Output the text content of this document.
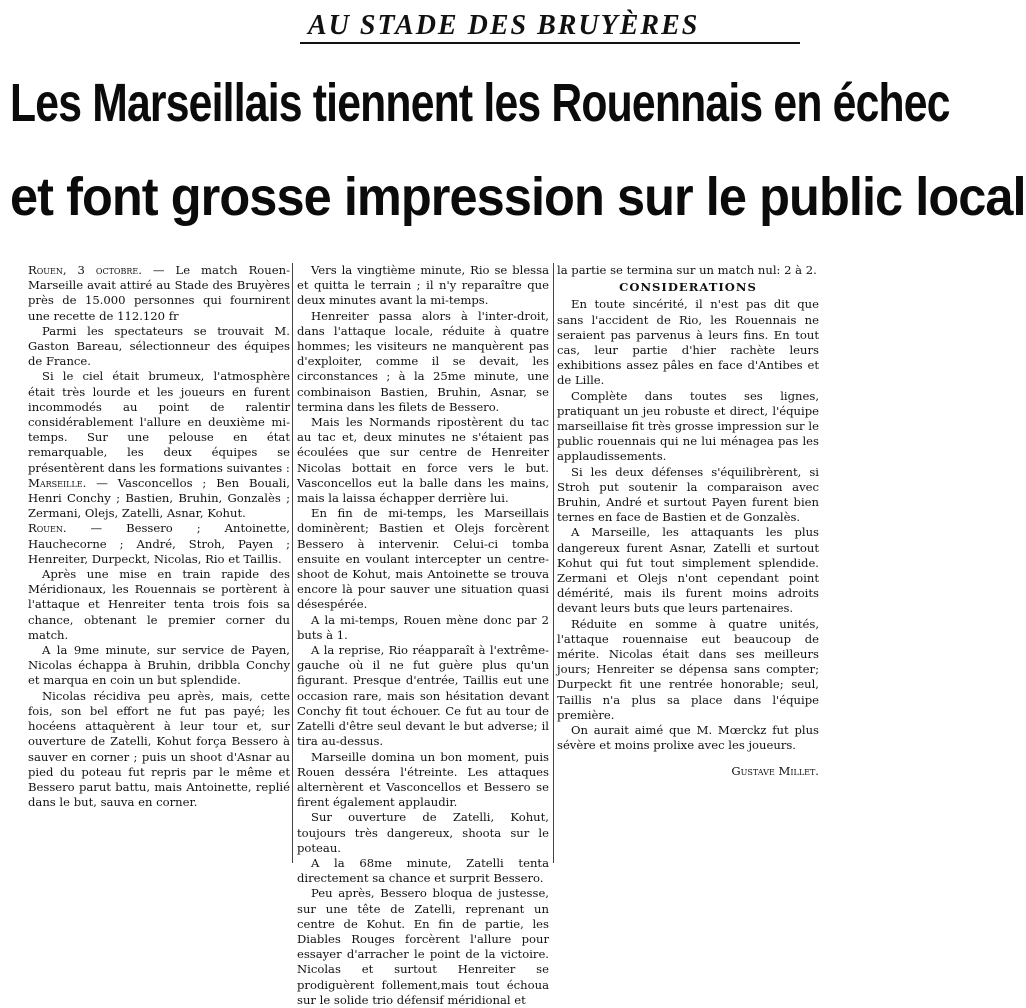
AU STADE DES BRUYÈRES
Les Marseillais tiennent les Rouennais en échec
et font grosse impression sur le public local

Rouen, 3 octobre. — Le match Rouen-Marseille avait attiré au Stade des Bruyères près de 15.000 personnes qui fournirent une recette de 112.120 fr

Parmi les spectateurs se trouvait M. Gaston Bareau, sélectionneur des équipes de France.

Si le ciel était brumeux, l'atmosphère était très lourde et les joueurs en furent incommodés au point de ralentir considérablement l'allure en deuxième mi-temps. Sur une pelouse en état remarquable, les deux équipes se présentèrent dans les formations suivantes :

Marseille. — Vasconcellos ; Ben Bouali, Henri Conchy ; Bastien, Bruhin, Gonzalès ; Zermani, Olejs, Zatelli, Asnar, Kohut.

Rouen. — Bessero ; Antoinette, Hauchecorne ; André, Stroh, Payen ; Henreiter, Durpeckt, Nicolas, Rio et Taillis.

Après une mise en train rapide des Méridionaux, les Rouennais se portèrent à l'attaque et Henreiter tenta trois fois sa chance, obtenant le premier corner du match.

A la 9me minute, sur service de Payen, Nicolas échappa à Bruhin, dribbla Conchy et marqua en coin un but splendide.

Nicolas récidiva peu après, mais, cette fois, son bel effort ne fut pas payé; les hocéens attaquèrent à leur tour et, sur ouverture de Zatelli, Kohut força Bessero à sauver en corner ; puis un shoot d'Asnar au pied du poteau fut repris par le même et Bessero parut battu, mais Antoinette, replié dans le but, sauva en corner.

Vers la vingtième minute, Rio se blessa et quitta le terrain ; il n'y reparaître que deux minutes avant la mi-temps.

Henreiter passa alors à l'inter-droit, dans l'attaque locale, réduite à quatre hommes; les visiteurs ne manquèrent pas d'exploiter, comme il se devait, les circonstances ; à la 25me minute, une combinaison Bastien, Bruhin, Asnar, se termina dans les filets de Bessero.

Mais les Normands ripostèrent du tac au tac et, deux minutes ne s'étaient pas écoulées que sur centre de Henreiter Nicolas bottait en force vers le but. Vasconcellos eut la balle dans les mains, mais la laissa échapper derrière lui.

En fin de mi-temps, les Marseillais dominèrent; Bastien et Olejs forcèrent Bessero à intervenir. Celui-ci tomba ensuite en voulant intercepter un centre-shoot de Kohut, mais Antoinette se trouva encore là pour sauver une situation quasi désespérée.

A la mi-temps, Rouen mène donc par 2 buts à 1.

A la reprise, Rio réapparaît à l'extrême-gauche où il ne fut guère plus qu'un figurant. Presque d'entrée, Taillis eut une occasion rare, mais son hésitation devant Conchy fit tout échouer. Ce fut au tour de Zatelli d'être seul devant le but adverse; il tira au-dessus.

Marseille domina un bon moment, puis Rouen desséra l'étreinte. Les attaques alternèrent et Vasconcellos et Bessero se firent également applaudir.

Sur ouverture de Zatelli, Kohut, toujours très dangereux, shoota sur le poteau.

A la 68me minute, Zatelli tenta directement sa chance et surprit Bessero.

Peu après, Bessero bloqua de justesse, sur une tête de Zatelli, reprenant un centre de Kohut. En fin de partie, les Diables Rouges forcèrent l'allure pour essayer d'arracher le point de la victoire. Nicolas et surtout Henreiter se prodiguèrent follement,mais tout échoua sur le solide trio défensif méridional et

la partie se termina sur un match nul: 2 à 2.

CONSIDERATIONS

En toute sincérité, il n'est pas dit que sans l'accident de Rio, les Rouennais ne seraient pas parvenus à leurs fins. En tout cas, leur partie d'hier rachète leurs exhibitions assez pâles en face d'Antibes et de Lille.

Complète dans toutes ses lignes, pratiquant un jeu robuste et direct, l'équipe marseillaise fit très grosse impression sur le public rouennais qui ne lui ménagea pas les applaudissements.

Si les deux défenses s'équilibrèrent, si Stroh put soutenir la comparaison avec Bruhin, André et surtout Payen furent bien ternes en face de Bastien et de Gonzalès.

A Marseille, les attaquants les plus dangereux furent Asnar, Zatelli et surtout Kohut qui fut tout simplement splendide. Zermani et Olejs n'ont cependant point démérité, mais ils furent moins adroits devant leurs buts que leurs partenaires.

Réduite en somme à quatre unités, l'attaque rouennaise eut beaucoup de mérite. Nicolas était dans ses meilleurs jours; Henreiter se dépensa sans compter; Durpeckt fit une rentrée honorable; seul, Taillis n'a plus sa place dans l'équipe première.

On aurait aimé que M. Mœrckz fut plus sévère et moins prolixe avec les joueurs.

Gustave Millet.
